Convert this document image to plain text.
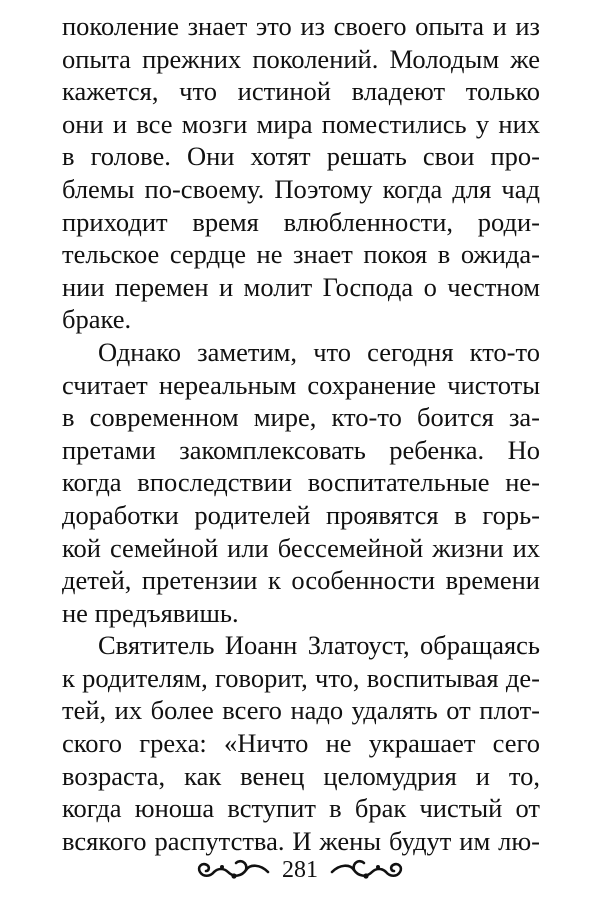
поколение знает это из своего опыта и из
опыта прежних поколений. Молодым же
кажется, что истиной владеют только
они и все мозги мира поместились у них
в голове. Они хотят решать свои про-
блемы по-своему. Поэтому когда для чад
приходит время влюбленности, роди-
тельское сердце не знает покоя в ожида-
нии перемен и молит Господа о честном
браке.
Однако заметим, что сегодня кто-то
считает нереальным сохранение чистоты
в современном мире, кто-то боится за-
претами закомплексовать ребенка. Но
когда впоследствии воспитательные не-
доработки родителей проявятся в горь-
кой семейной или бессемейной жизни их
детей, претензии к особенности времени
не предъявишь.
Святитель Иоанн Златоуст, обращаясь
к родителям, говорит, что, воспитывая де-
тей, их более всего надо удалять от плот-
ского греха: «Ничто не украшает сего
возраста, как венец целомудрия и то,
когда юноша вступит в брак чистый от
всякого распутства. И жены будут им лю-
281
